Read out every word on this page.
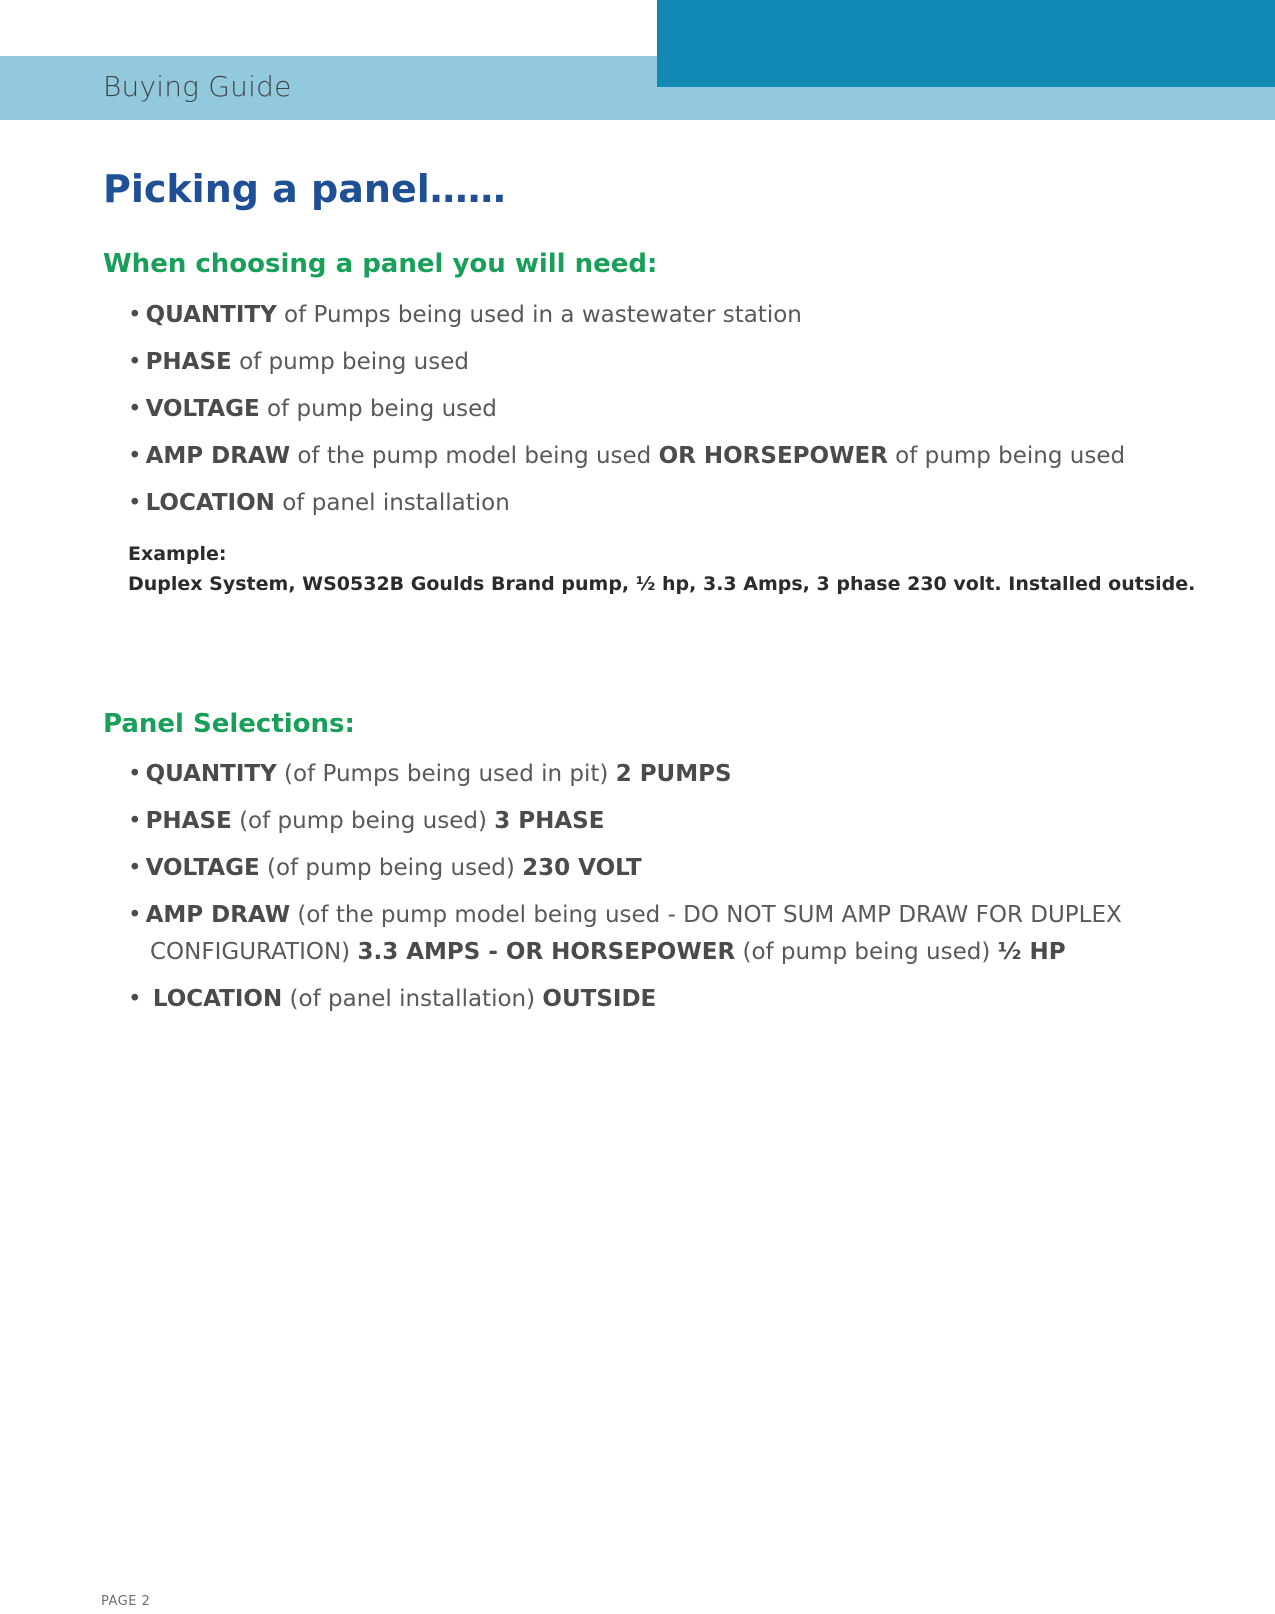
Buying Guide
Picking a panel……
When choosing a panel you will need:
• QUANTITY of Pumps being used in a wastewater station
• PHASE of pump being used
• VOLTAGE of pump being used
• AMP DRAW of the pump model being used OR HORSEPOWER of pump being used
• LOCATION of panel installation
Example:
Duplex System, WS0532B Goulds Brand pump, ½ hp, 3.3 Amps, 3 phase 230 volt. Installed outside.
Panel Selections:
• QUANTITY (of Pumps being used in pit) 2 PUMPS
• PHASE (of pump being used) 3 PHASE
• VOLTAGE (of pump being used) 230 VOLT
• AMP DRAW (of the pump model being used - DO NOT SUM AMP DRAW FOR DUPLEX CONFIGURATION) 3.3 AMPS - OR HORSEPOWER (of pump being used) ½ HP
• LOCATION (of panel installation) OUTSIDE
PAGE 2
